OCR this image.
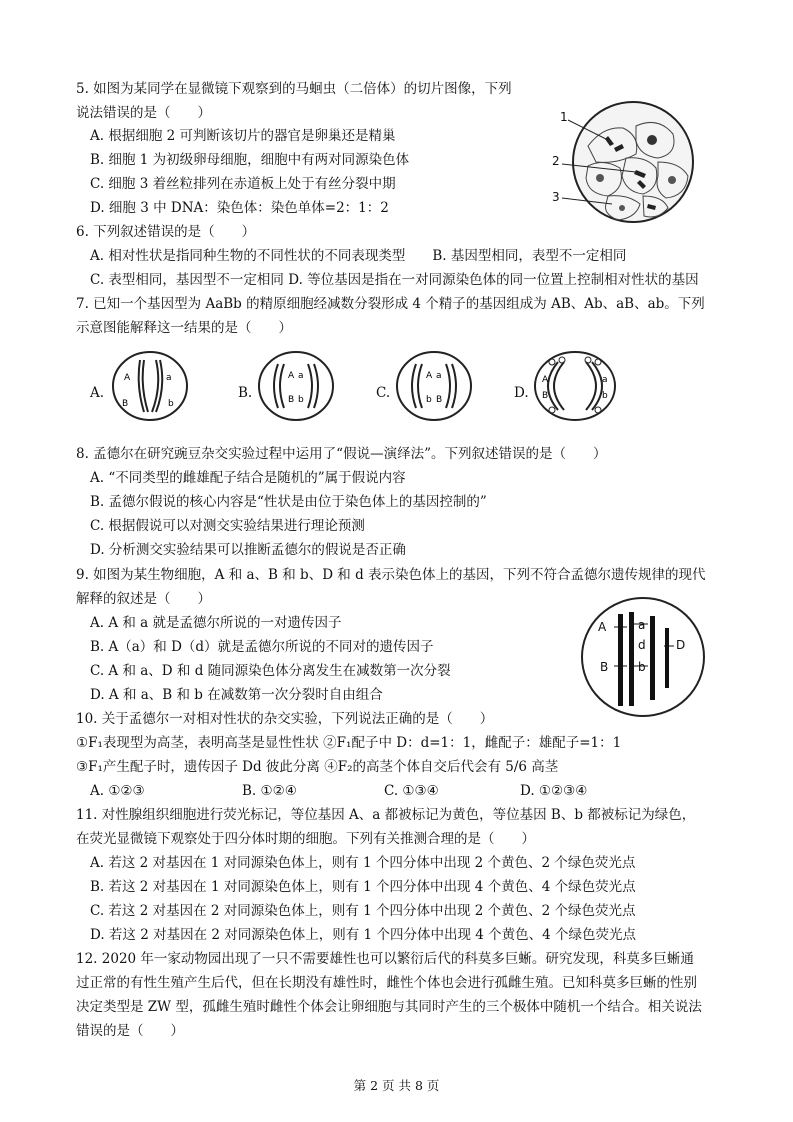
5. 如图为某同学在显微镜下观察到的马蛔虫（二倍体）的切片图像，下列
说法错误的是（　　）
A. 根据细胞 2 可判断该切片的器官是卵巢还是精巢
B. 细胞 1 为初级卵母细胞，细胞中有两对同源染色体
C. 细胞 3 着丝粒排列在赤道板上处于有丝分裂中期
D. 细胞 3 中 DNA：染色体：染色单体=2：1：2
1
2
3
6. 下列叙述错误的是（　　）
A. 相对性状是指同种生物的不同性状的不同表现类型　　B. 基因型相同，表型不一定相同
C. 表型相同，基因型不一定相同 D. 等位基因是指在一对同源染色体的同一位置上控制相对性状的基因
7. 已知一个基因型为 AaBb 的精原细胞经减数分裂形成 4 个精子的基因组成为 AB、Ab、aB、ab。下列
示意图能解释这一结果的是（　　）
A.
A	a
B	b
B.
A a
B b	C.
A a
b B	D.
A	a
B	b
8. 孟德尔在研究豌豆杂交实验过程中运用了“假说—演绎法”。下列叙述错误的是（　　）
A. “不同类型的雌雄配子结合是随机的”属于假说内容
B. 孟德尔假说的核心内容是“性状是由位于染色体上的基因控制的”
C. 根据假说可以对测交实验结果进行理论预测
D. 分析测交实验结果可以推断孟德尔的假说是否正确
9. 如图为某生物细胞，A 和 a、B 和 b、D 和 d 表示染色体上的基因，下列不符合孟德尔遗传规律的现代
解释的叙述是（　　）
A. A 和 a 就是孟德尔所说的一对遗传因子
B. A（a）和 D（d）就是孟德尔所说的不同对的遗传因子
C. A 和 a、D 和 d 随同源染色体分离发生在减数第一次分裂
D. A 和 a、B 和 b 在减数第一次分裂时自由组合
A	a
d	D
B b
10. 关于孟德尔一对相对性状的杂交实验，下列说法正确的是（　　）
①F₁表现型为高茎，表明高茎是显性性状 ②F₁配子中 D：d=1：1，雌配子：雄配子=1：1
③F₁产生配子时，遗传因子 Dd 彼此分离 ④F₂的高茎个体自交后代会有 5/6 高茎
A. ①②③	B. ①②④	C. ①③④	D. ①②③④
11. 对性腺组织细胞进行荧光标记，等位基因 A、a 都被标记为黄色，等位基因 B、b 都被标记为绿色，
在荧光显微镜下观察处于四分体时期的细胞。下列有关推测合理的是（　　）
A. 若这 2 对基因在 1 对同源染色体上，则有 1 个四分体中出现 2 个黄色、2 个绿色荧光点
B. 若这 2 对基因在 1 对同源染色体上，则有 1 个四分体中出现 4 个黄色、4 个绿色荧光点
C. 若这 2 对基因在 2 对同源染色体上，则有 1 个四分体中出现 2 个黄色、2 个绿色荧光点
D. 若这 2 对基因在 2 对同源染色体上，则有 1 个四分体中出现 4 个黄色、4 个绿色荧光点
12. 2020 年一家动物园出现了一只不需要雄性也可以繁衍后代的科莫多巨蜥。研究发现，科莫多巨蜥通
过正常的有性生殖产生后代，但在长期没有雄性时，雌性个体也会进行孤雌生殖。已知科莫多巨蜥的性别
决定类型是 ZW 型，孤雌生殖时雌性个体会让卵细胞与其同时产生的三个极体中随机一个结合。相关说法
错误的是（　　）
第 2 页 共 8 页
